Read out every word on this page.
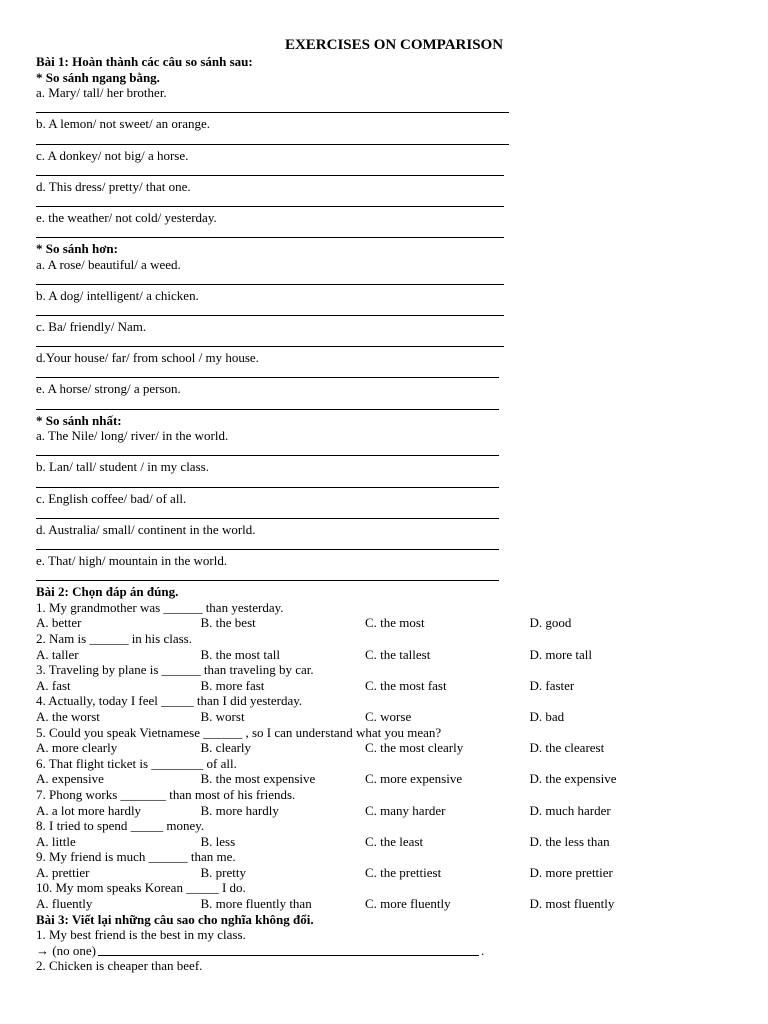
EXERCISES ON COMPARISON
Bài 1: Hoàn thành các câu so sánh sau:
* So sánh ngang bằng.
a. Mary/ tall/ her brother.
b. A lemon/ not sweet/ an orange.
c. A donkey/ not big/ a horse.
d. This dress/ pretty/ that one.
e. the weather/ not cold/ yesterday.
* So sánh hơn:
a. A rose/ beautiful/ a weed.
b. A dog/ intelligent/ a chicken.
c. Ba/ friendly/ Nam.
d.Your house/ far/ from school / my house.
e. A horse/ strong/ a person.
* So sánh nhất:
a. The Nile/ long/ river/ in the world.
b. Lan/ tall/ student / in my class.
c. English coffee/ bad/ of all.
d. Australia/ small/ continent in the world.
e. That/ high/ mountain in the world.
Bài 2: Chọn đáp án đúng.
1. My grandmother was ______ than yesterday.
A. better	B. the best	C. the most	D. good
2. Nam is ______ in his class.
A. taller	B. the most tall	C. the tallest	D. more tall
3. Traveling by plane is ______ than traveling by car.
A. fast	B. more fast	C. the most fast	D. faster
4. Actually, today I feel _____ than I did yesterday.
A. the worst	B. worst	C. worse	D. bad
5. Could you speak Vietnamese ______ , so I can understand what you mean?
A. more clearly	B. clearly	C. the most clearly	D. the clearest
6. That flight ticket is ________ of all.
A. expensive	B. the most expensive	C. more expensive	D. the expensive
7. Phong works _______ than most of his friends.
A. a lot more hardly	B. more hardly	C. many harder	D. much harder
8. I tried to spend _____ money.
A. little	B. less	C. the least	D. the less than
9. My friend is much ______ than me.
A. prettier	B. pretty	C. the prettiest	D. more prettier
10. My mom speaks Korean _____ I do.
A. fluently	B. more fluently than	C. more fluently	D. most fluently
Bài 3: Viết lại những câu sao cho nghĩa không đổi.
1. My best friend is the best in my class.
→ (no one)	.
2. Chicken is cheaper than beef.
